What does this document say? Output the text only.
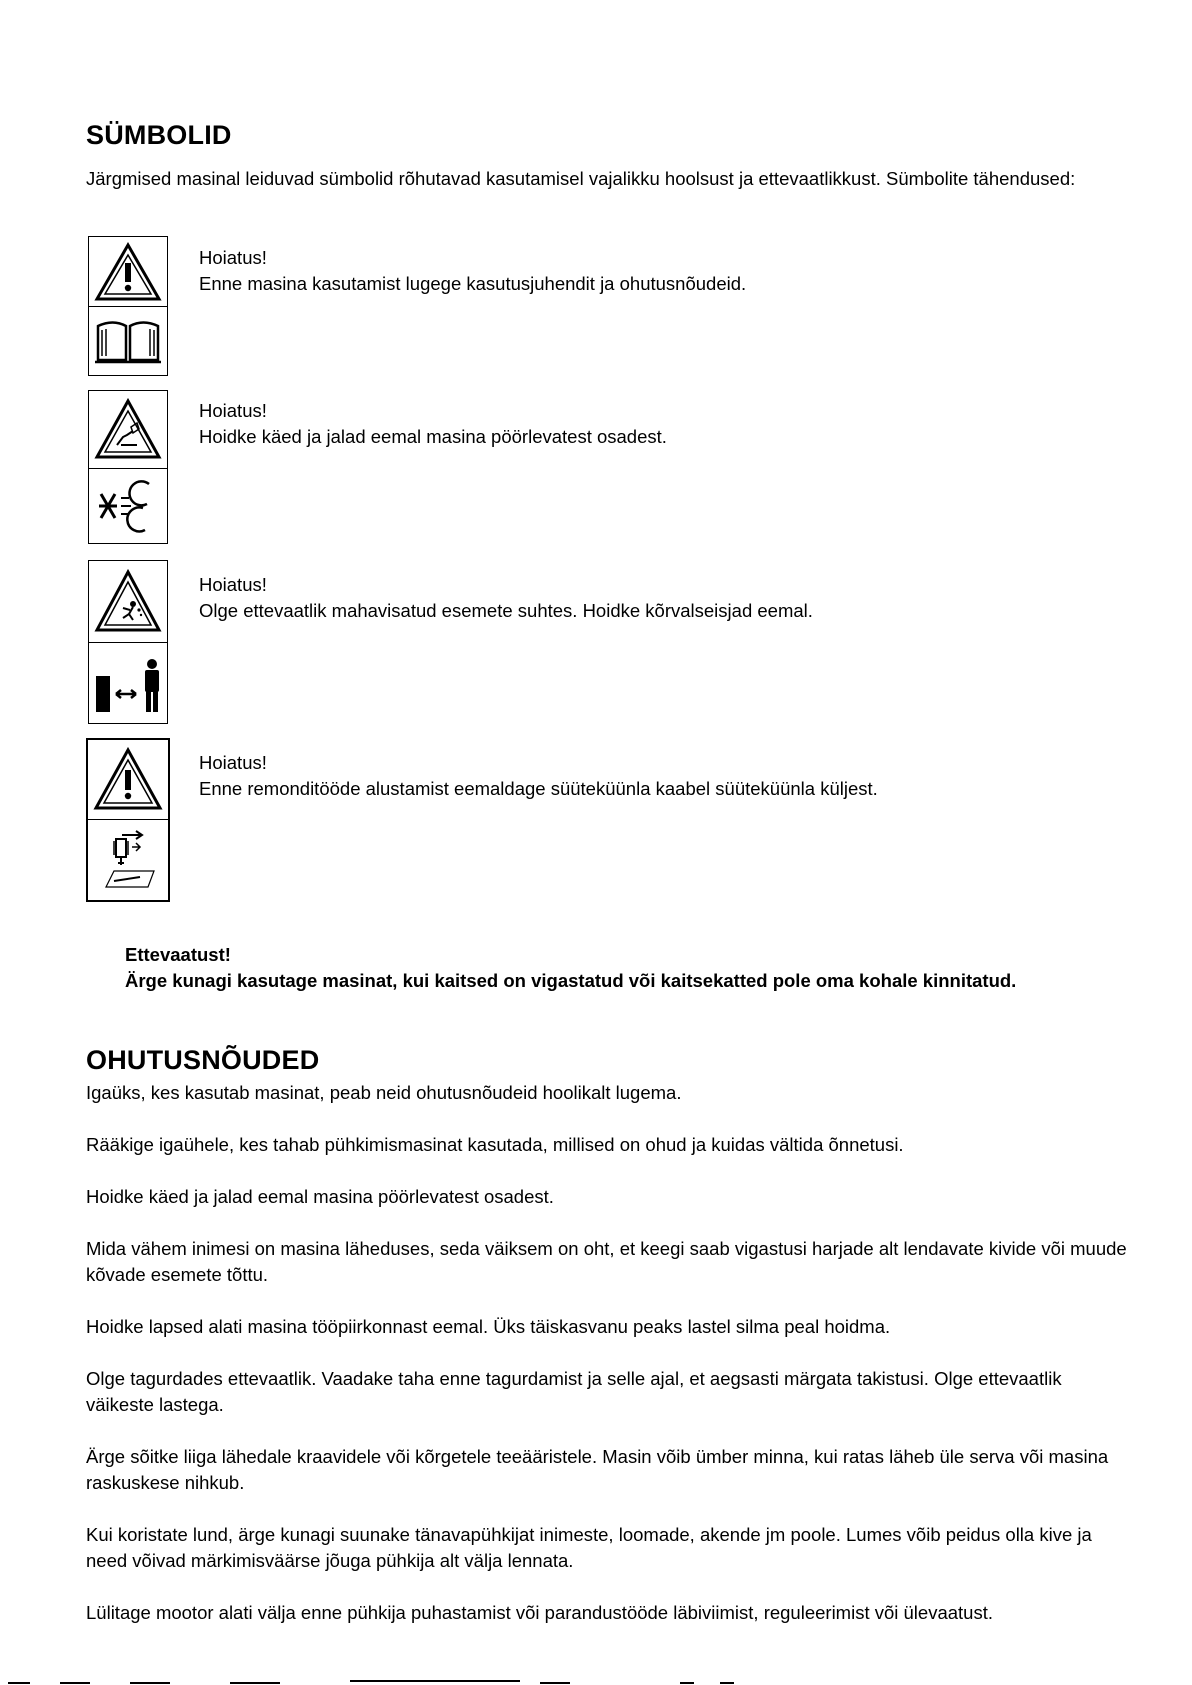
SÜMBOLID

Järgmised masinal leiduvad sümbolid rõhutavad kasutamisel vajalikku hoolsust ja ettevaatlikkust. Sümbolite tähendused:

Hoiatus!
Enne masina kasutamist lugege kasutusjuhendit ja ohutusnõudeid.
Hoiatus!
Hoidke käed ja jalad eemal masina pöörlevatest osadest.
Hoiatus!
Olge ettevaatlik mahavisatud esemete suhtes. Hoidke kõrvalseisjad eemal.
Hoiatus!
Enne remonditööde alustamist eemaldage süüteküünla kaabel süüteküünla küljest.
Ettevaatust!
Ärge kunagi kasutage masinat, kui kaitsed on vigastatud või kaitsekatted pole oma kohale kinnitatud.
OHUTUSNÕUDED

Igaüks, kes kasutab masinat, peab neid ohutusnõudeid hoolikalt lugema.

Rääkige igaühele, kes tahab pühkimismasinat kasutada, millised on ohud ja kuidas vältida õnnetusi.

Hoidke käed ja jalad eemal masina pöörlevatest osadest.

Mida vähem inimesi on masina läheduses, seda väiksem on oht, et keegi saab vigastusi harjade alt lendavate kivide või muude kõvade esemete tõttu.

Hoidke lapsed alati masina tööpiirkonnast eemal. Üks täiskasvanu peaks lastel silma peal hoidma.

Olge tagurdades ettevaatlik. Vaadake taha enne tagurdamist ja selle ajal, et aegsasti märgata takistusi. Olge ettevaatlik väikeste lastega.

Ärge sõitke liiga lähedale kraavidele või kõrgetele teeääristele. Masin võib ümber minna, kui ratas läheb üle serva või masina raskuskese nihkub.

Kui koristate lund, ärge kunagi suunake tänavapühkijat inimeste, loomade, akende jm poole. Lumes võib peidus olla kive ja need võivad märkimisväärse jõuga pühkija alt välja lennata.

Lülitage mootor alati välja enne pühkija puhastamist või parandustööde läbiviimist, reguleerimist või ülevaatust.
